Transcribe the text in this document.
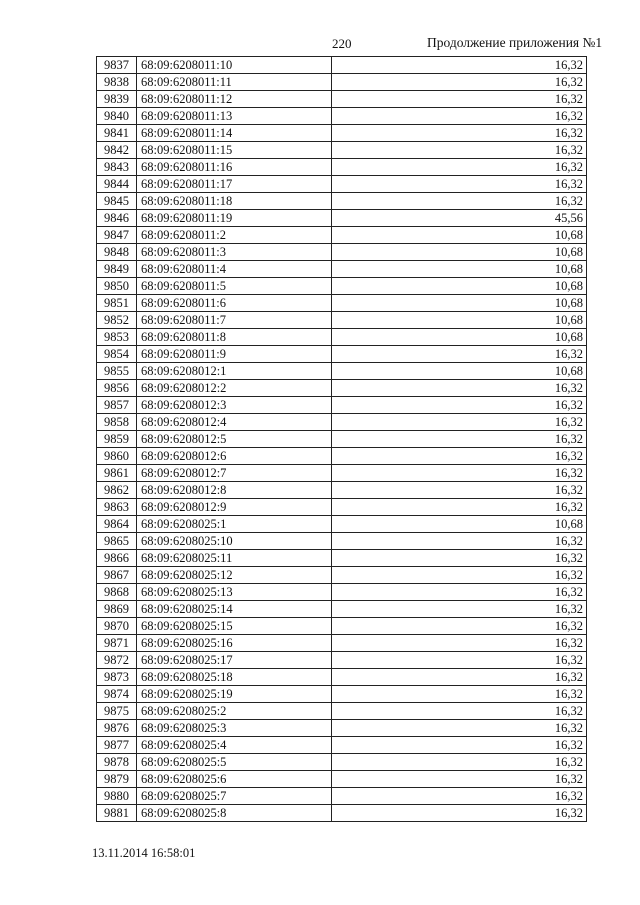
220	Продолжение приложения №1
9837 68:09:6208011:10	16,32
9838 68:09:6208011:11	16,32
9839 68:09:6208011:12	16,32
9840 68:09:6208011:13	16,32
9841 68:09:6208011:14	16,32
9842 68:09:6208011:15	16,32
9843 68:09:6208011:16	16,32
9844 68:09:6208011:17	16,32
9845 68:09:6208011:18	16,32
9846 68:09:6208011:19	45,56
9847 68:09:6208011:2	10,68
9848 68:09:6208011:3	10,68
9849 68:09:6208011:4	10,68
9850 68:09:6208011:5	10,68
9851 68:09:6208011:6	10,68
9852 68:09:6208011:7	10,68
9853 68:09:6208011:8	10,68
9854 68:09:6208011:9	16,32
9855 68:09:6208012:1	10,68
9856 68:09:6208012:2	16,32
9857 68:09:6208012:3	16,32
9858 68:09:6208012:4	16,32
9859 68:09:6208012:5	16,32
9860 68:09:6208012:6	16,32
9861 68:09:6208012:7	16,32
9862 68:09:6208012:8	16,32
9863 68:09:6208012:9	16,32
9864 68:09:6208025:1	10,68
9865 68:09:6208025:10	16,32
9866 68:09:6208025:11	16,32
9867 68:09:6208025:12	16,32
9868 68:09:6208025:13	16,32
9869 68:09:6208025:14	16,32
9870 68:09:6208025:15	16,32
9871 68:09:6208025:16	16,32
9872 68:09:6208025:17	16,32
9873 68:09:6208025:18	16,32
9874 68:09:6208025:19	16,32
9875 68:09:6208025:2	16,32
9876 68:09:6208025:3	16,32
9877 68:09:6208025:4	16,32
9878 68:09:6208025:5	16,32
9879 68:09:6208025:6	16,32
9880 68:09:6208025:7	16,32
9881 68:09:6208025:8	16,32
13.11.2014 16:58:01
